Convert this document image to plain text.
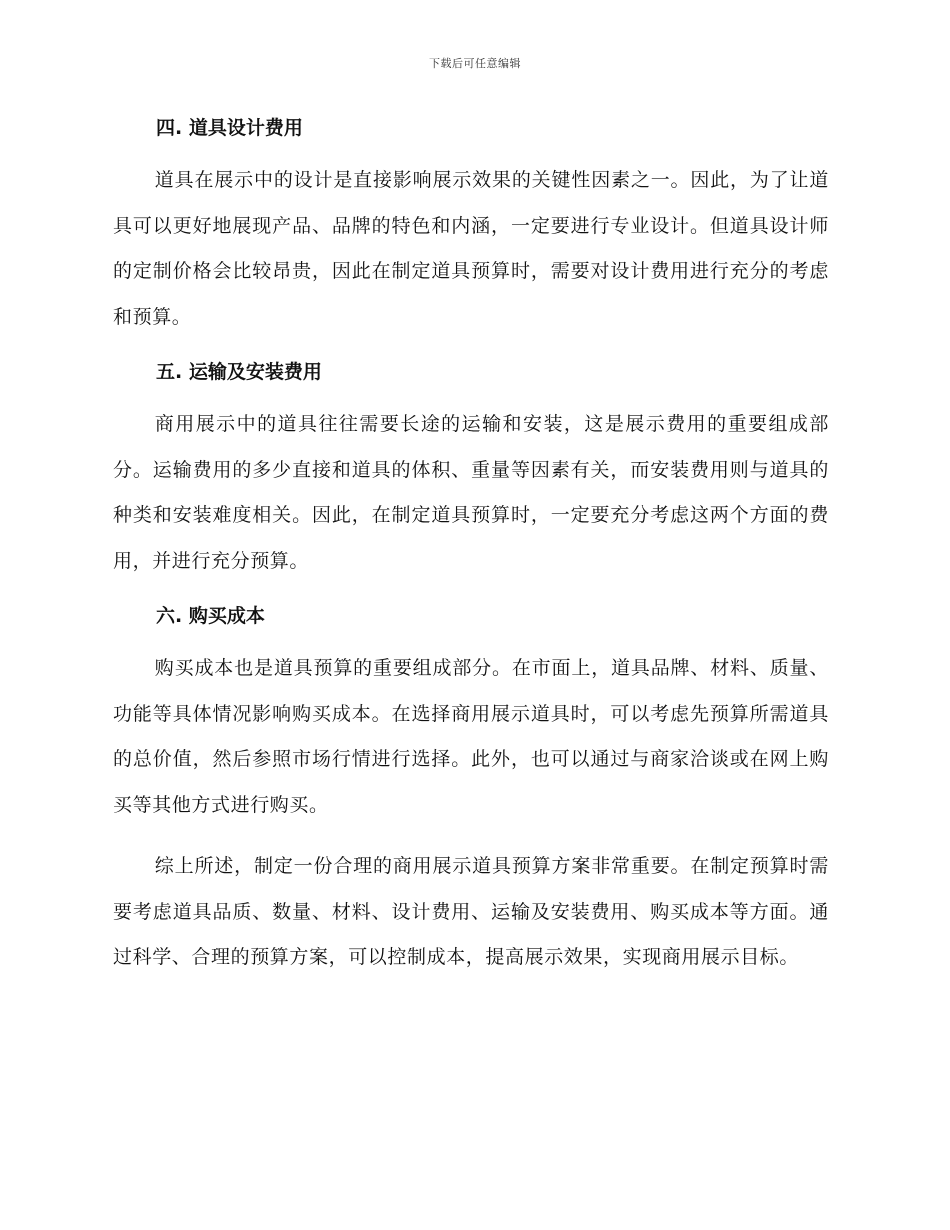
下载后可任意编辑
四. 道具设计费用

道具在展示中的设计是直接影响展示效果的关键性因素之一。因此，为了让道具可以更好地展现产品、品牌的特色和内涵，一定要进行专业设计。但道具设计师的定制价格会比较昂贵，因此在制定道具预算时，需要对设计费用进行充分的考虑和预算。

五. 运输及安装费用

商用展示中的道具往往需要长途的运输和安装，这是展示费用的重要组成部分。运输费用的多少直接和道具的体积、重量等因素有关，而安装费用则与道具的种类和安装难度相关。因此，在制定道具预算时，一定要充分考虑这两个方面的费用，并进行充分预算。

六. 购买成本

购买成本也是道具预算的重要组成部分。在市面上，道具品牌、材料、质量、功能等具体情况影响购买成本。在选择商用展示道具时，可以考虑先预算所需道具的总价值，然后参照市场行情进行选择。此外，也可以通过与商家洽谈或在网上购买等其他方式进行购买。

综上所述，制定一份合理的商用展示道具预算方案非常重要。在制定预算时需要考虑道具品质、数量、材料、设计费用、运输及安装费用、购买成本等方面。通过科学、合理的预算方案，可以控制成本，提高展示效果，实现商用展示目标。
